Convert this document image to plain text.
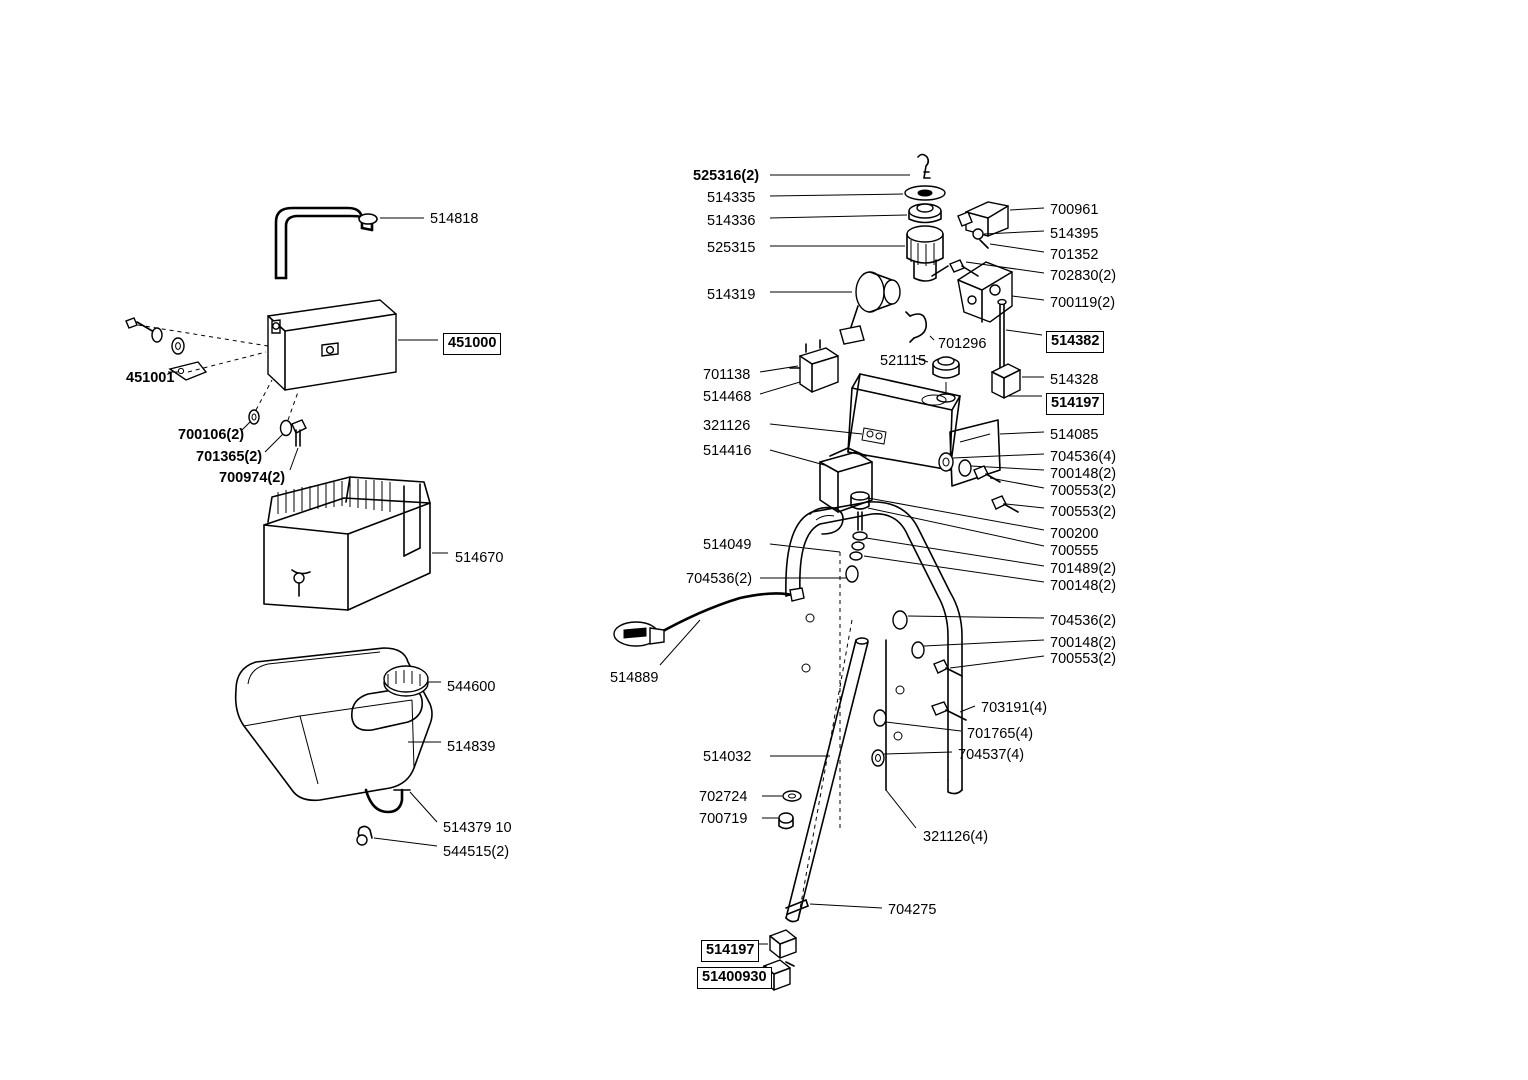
514818
451000
451001
700106(2)
701365(2)
700974(2)
514670
544600
514839
514379 10
544515(2)
525316(2)
514335
514336
525315
514319
701296
521115
701138
514468
321126
514416
514049
704536(2)
514889
514032
702724
700719
321126(4)
704275
514197
51400930
700961
514395
701352
702830(2)
700119(2)
514382
514328
514197
514085
704536(4)
700148(2)
700553(2)
700553(2)
700200
700555
701489(2)
700148(2)
704536(2)
700148(2)
700553(2)
703191(4)
701765(4)
704537(4)
